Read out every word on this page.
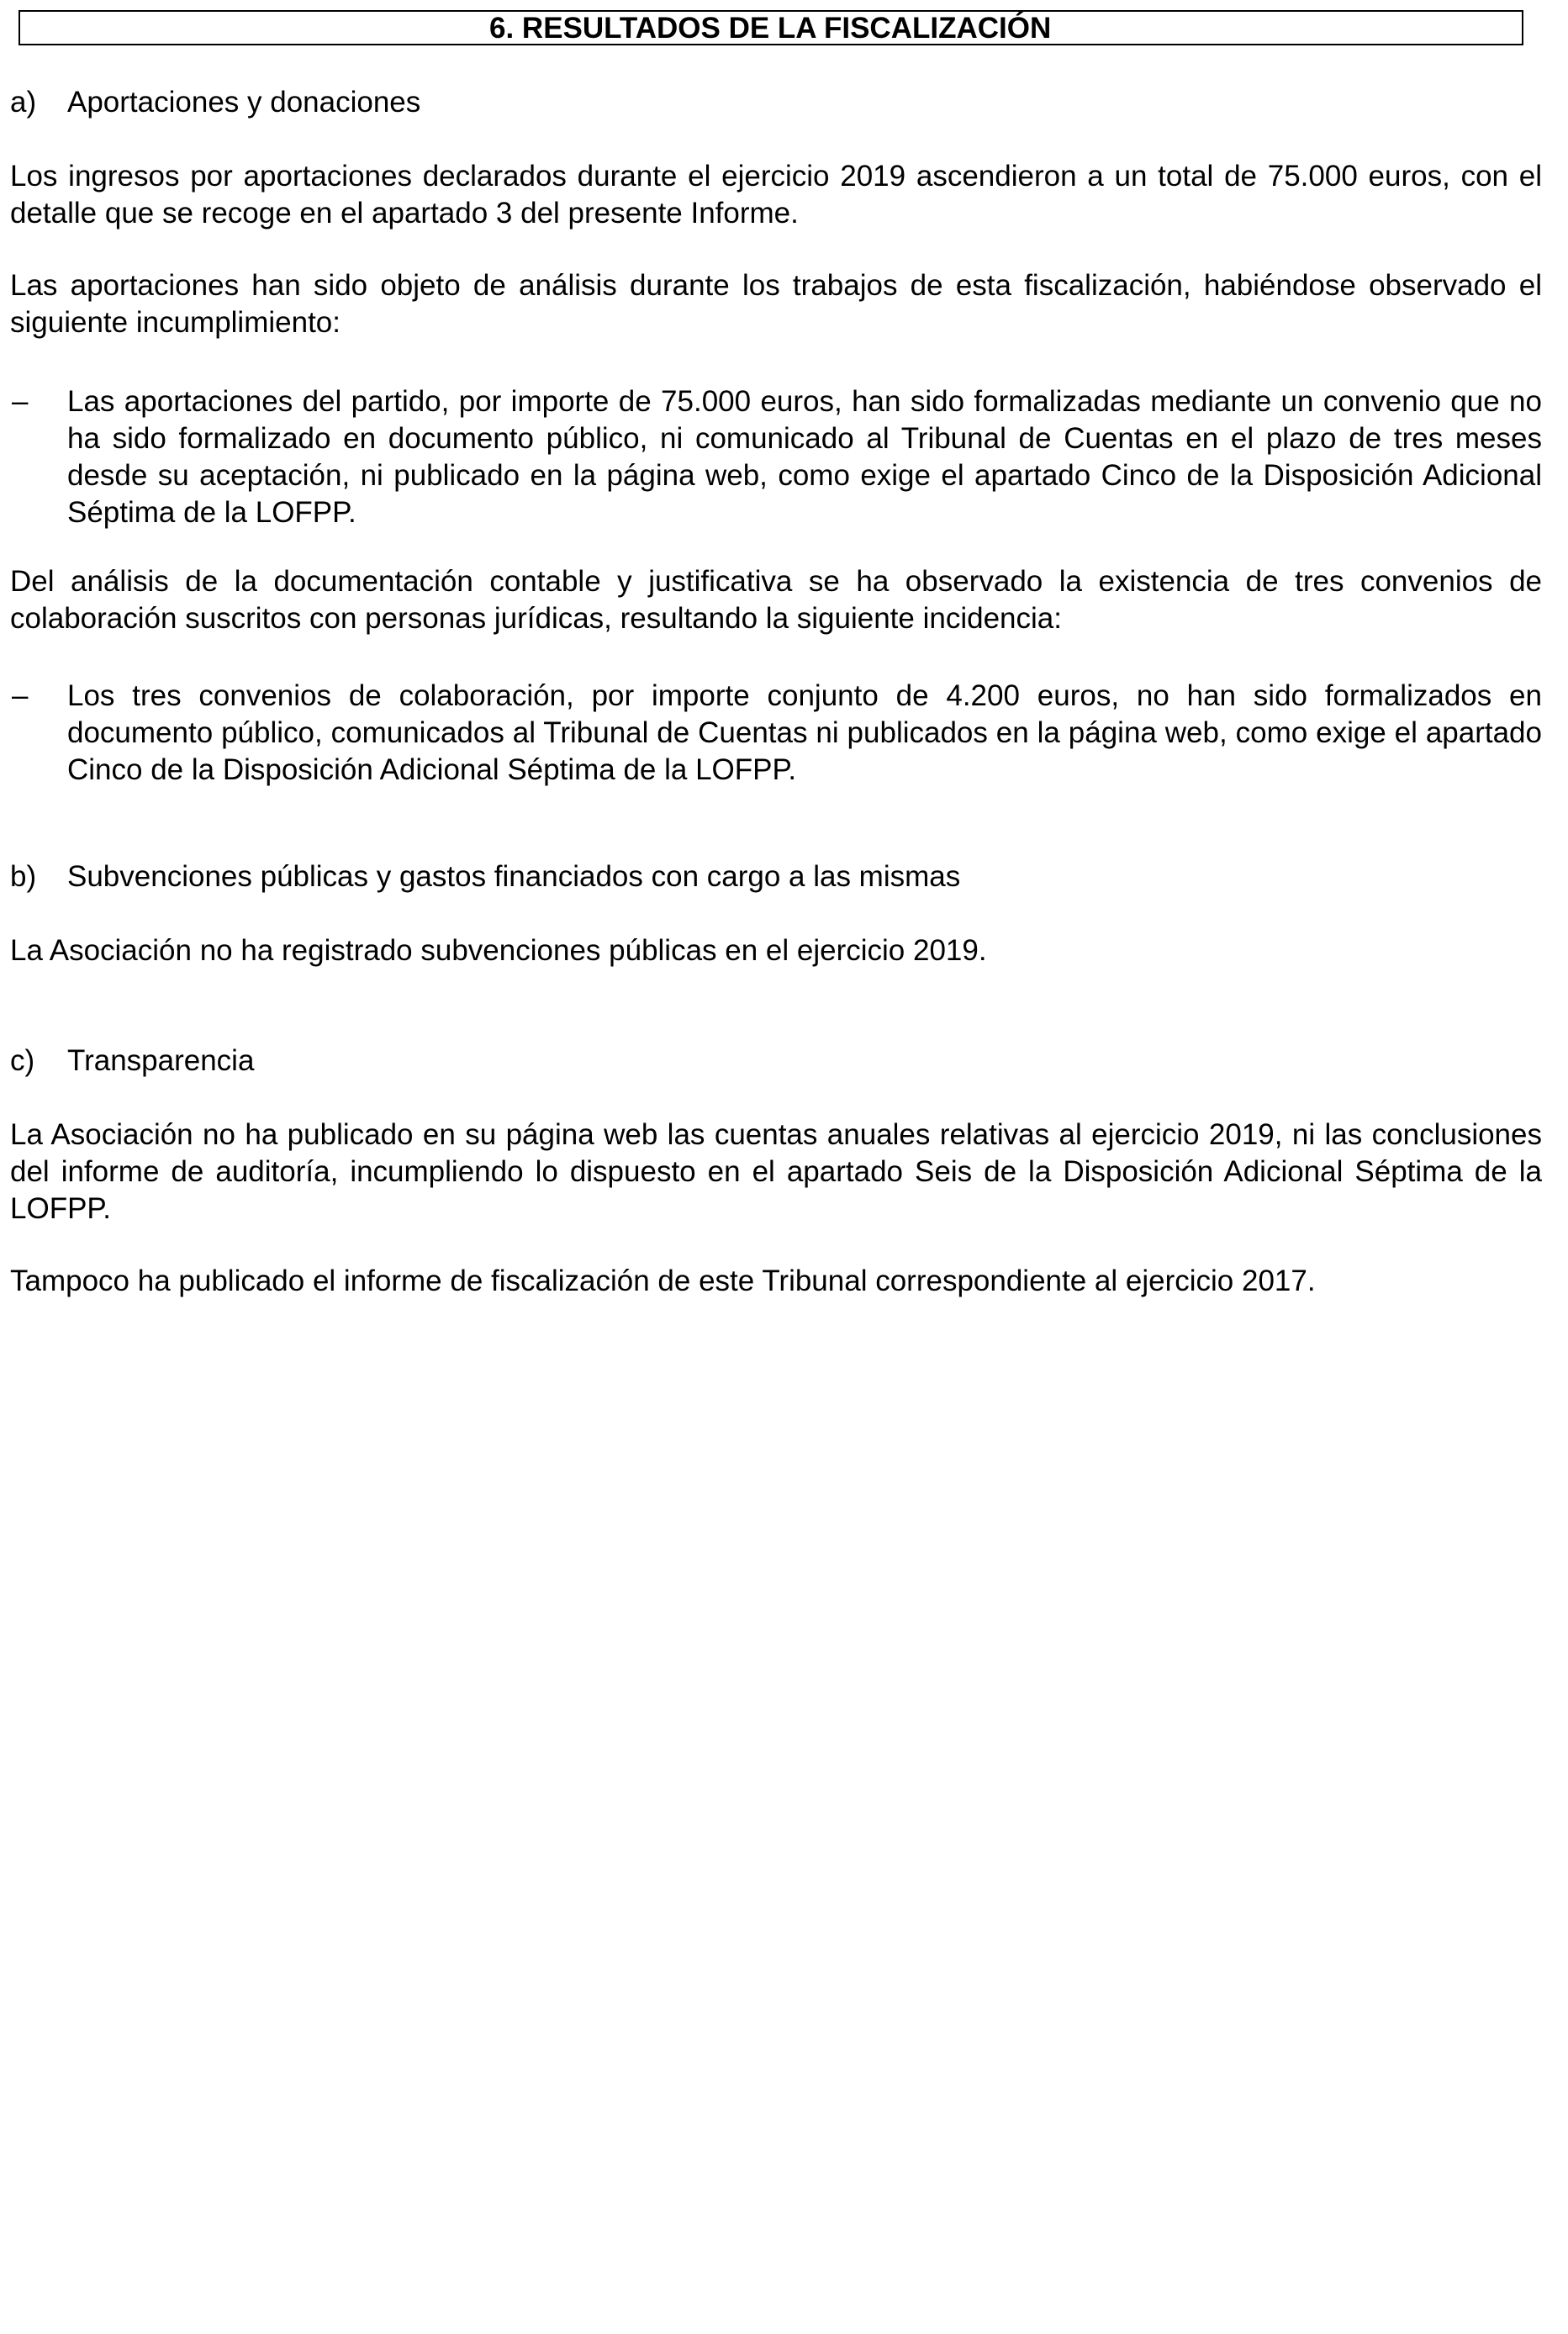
6. RESULTADOS DE LA FISCALIZACIÓN
a) Aportaciones y donaciones

Los ingresos por aportaciones declarados durante el ejercicio 2019 ascendieron a un total de 75.000 euros, con el detalle que se recoge en el apartado 3 del presente Informe.

Las aportaciones han sido objeto de análisis durante los trabajos de esta fiscalización, habiéndose observado el siguiente incumplimiento:

– Las aportaciones del partido, por importe de 75.000 euros, han sido formalizadas mediante un convenio que no ha sido formalizado en documento público, ni comunicado al Tribunal de Cuentas en el plazo de tres meses desde su aceptación, ni publicado en la página web, como exige el apartado Cinco de la Disposición Adicional Séptima de la LOFPP.

Del análisis de la documentación contable y justificativa se ha observado la existencia de tres convenios de colaboración suscritos con personas jurídicas, resultando la siguiente incidencia:

– Los tres convenios de colaboración, por importe conjunto de 4.200 euros, no han sido formalizados en documento público, comunicados al Tribunal de Cuentas ni publicados en la página web, como exige el apartado Cinco de la Disposición Adicional Séptima de la LOFPP.

b) Subvenciones públicas y gastos financiados con cargo a las mismas

La Asociación no ha registrado subvenciones públicas en el ejercicio 2019.

c) Transparencia

La Asociación no ha publicado en su página web las cuentas anuales relativas al ejercicio 2019, ni las conclusiones del informe de auditoría, incumpliendo lo dispuesto en el apartado Seis de la Disposición Adicional Séptima de la LOFPP.

Tampoco ha publicado el informe de fiscalización de este Tribunal correspondiente al ejercicio 2017.
